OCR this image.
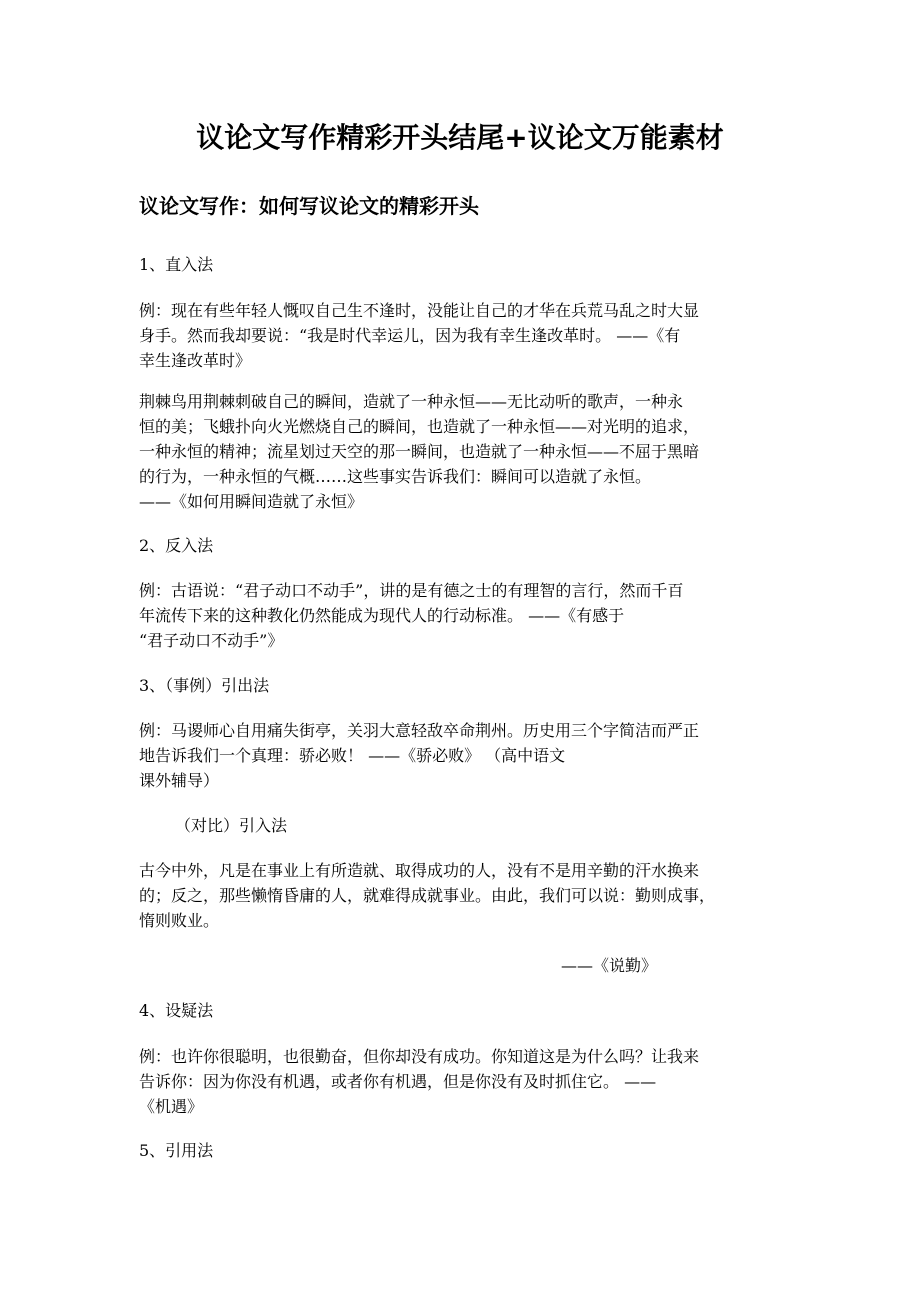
议论文写作精彩开头结尾+议论文万能素材
议论文写作：如何写议论文的精彩开头

1、直入法

例：现在有些年轻人慨叹自己生不逢时，没能让自己的才华在兵荒马乱之时大显
身手。然而我却要说：“我是时代幸运儿，因为我有幸生逢改革时。 ——《有
幸生逢改革时》
荆棘鸟用荆棘刺破自己的瞬间，造就了一种永恒——无比动听的歌声，一种永
恒的美；飞蛾扑向火光燃烧自己的瞬间，也造就了一种永恒——对光明的追求，
一种永恒的精神；流星划过天空的那一瞬间，也造就了一种永恒——不屈于黑暗
的行为，一种永恒的气概……这些事实告诉我们：瞬间可以造就了永恒。
——《如何用瞬间造就了永恒》

2、反入法

例：古语说：“君子动口不动手”，讲的是有德之士的有理智的言行，然而千百
年流传下来的这种教化仍然能成为现代人的行动标准。 ——《有感于
“君子动口不动手”》

3、（事例）引出法

例：马谡师心自用痛失街亭，关羽大意轻敌卒命荆州。历史用三个字简洁而严正
地告诉我们一个真理：骄必败！ ——《骄必败》 （高中语文
课外辅导）

（对比）引入法

古今中外，凡是在事业上有所造就、取得成功的人，没有不是用辛勤的汗水换来
的；反之，那些懒惰昏庸的人，就难得成就事业。由此，我们可以说：勤则成事，
惰则败业。

——《说勤》

4、设疑法

例：也许你很聪明，也很勤奋，但你却没有成功。你知道这是为什么吗？让我来
告诉你：因为你没有机遇，或者你有机遇，但是你没有及时抓住它。 ——
《机遇》

5、引用法
